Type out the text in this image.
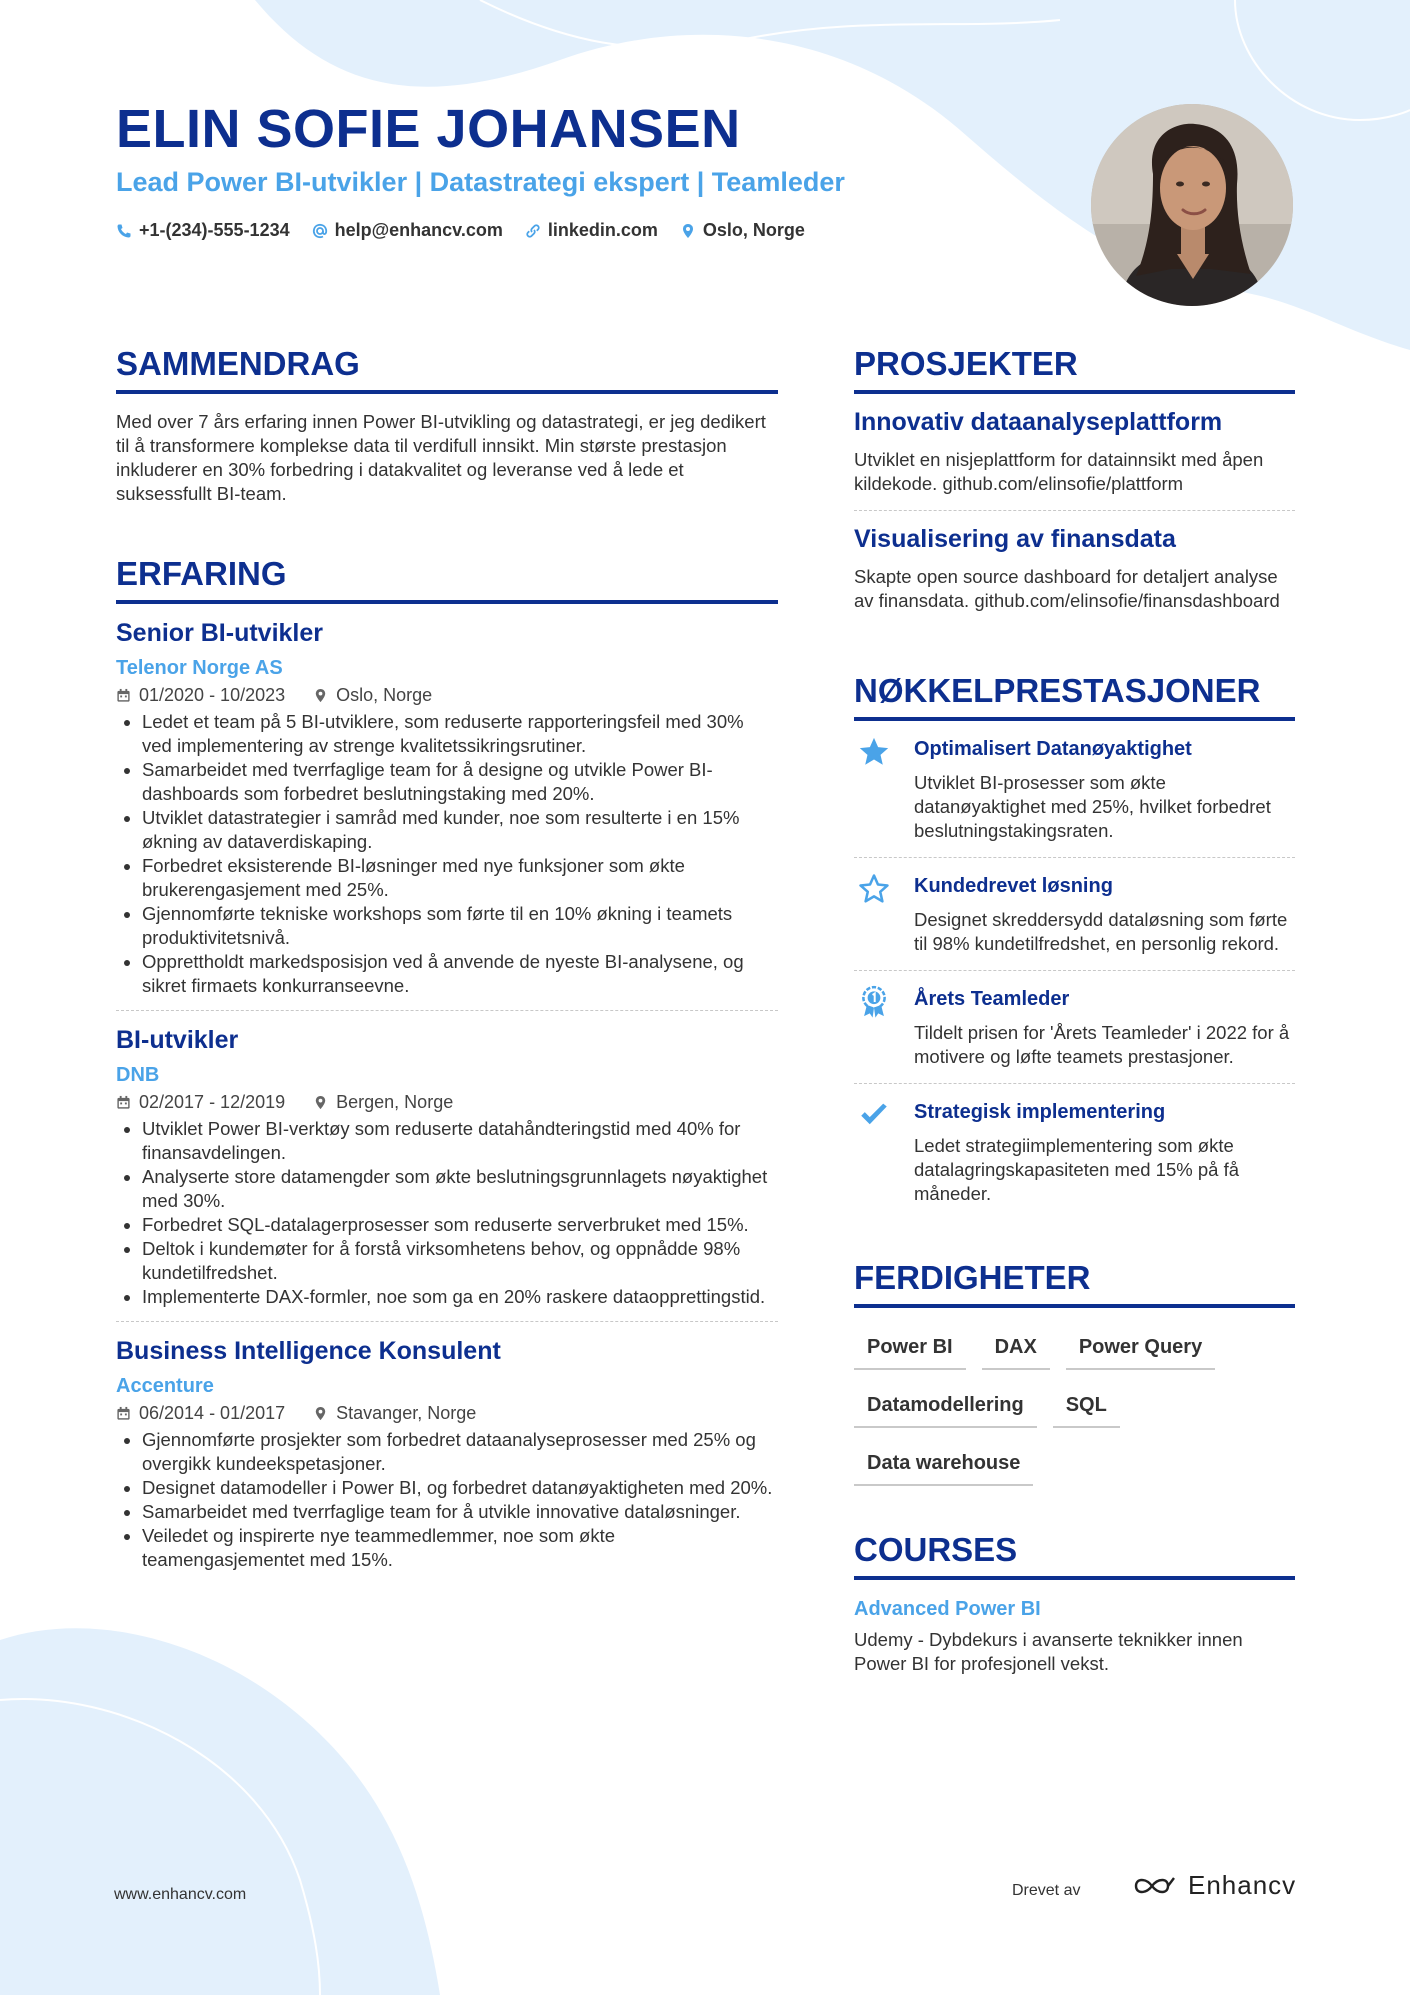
ELIN SOFIE JOHANSEN
Lead Power BI-utvikler | Datastrategi ekspert | Teamleder
+1-(234)-555-1234	help@enhancv.com	linkedin.com	Oslo, Norge
SAMMENDRAG

Med over 7 års erfaring innen Power BI-utvikling og datastrategi, er jeg dedikert til å transformere komplekse data til verdifull innsikt. Min største prestasjon inkluderer en 30% forbedring i datakvalitet og leveranse ved å lede et suksessfullt BI-team.

ERFARING
Senior BI-utvikler
Telenor Norge AS
01/2020 - 10/2023	Oslo, Norge
• Ledet et team på 5 BI-utviklere, som reduserte rapporteringsfeil med 30% ved implementering av strenge kvalitetssikringsrutiner.
• Samarbeidet med tverrfaglige team for å designe og utvikle Power BI-dashboards som forbedret beslutningstaking med 20%.
• Utviklet datastrategier i samråd med kunder, noe som resulterte i en 15% økning av dataverdiskaping.
• Forbedret eksisterende BI-løsninger med nye funksjoner som økte brukerengasjement med 25%.
• Gjennomførte tekniske workshops som førte til en 10% økning i teamets produktivitetsnivå.
• Opprettholdt markedsposisjon ved å anvende de nyeste BI-analysene, og sikret firmaets konkurranseevne.
BI-utvikler
DNB
02/2017 - 12/2019	Bergen, Norge
• Utviklet Power BI-verktøy som reduserte datahåndteringstid med 40% for finansavdelingen.
• Analyserte store datamengder som økte beslutningsgrunnlagets nøyaktighet med 30%.
• Forbedret SQL-datalagerprosesser som reduserte serverbruket med 15%.
• Deltok i kundemøter for å forstå virksomhetens behov, og oppnådde 98% kundetilfredshet.
• Implementerte DAX-formler, noe som ga en 20% raskere dataopprettingstid.
Business Intelligence Konsulent
Accenture
06/2014 - 01/2017	Stavanger, Norge
• Gjennomførte prosjekter som forbedret dataanalyseprosesser med 25% og overgikk kundeekspetasjoner.
• Designet datamodeller i Power BI, og forbedret datanøyaktigheten med 20%.
• Samarbeidet med tverrfaglige team for å utvikle innovative dataløsninger.
• Veiledet og inspirerte nye teammedlemmer, noe som økte teamengasjementet med 15%.
PROSJEKTER
Innovativ dataanalyseplattform

Utviklet en nisjeplattform for datainnsikt med åpen kildekode. github.com/elinsofie/plattform

Visualisering av finansdata

Skapte open source dashboard for detaljert analyse av finansdata. github.com/elinsofie/finansdashboard

NØKKELPRESTASJONER
Optimalisert Datanøyaktighet

Utviklet BI-prosesser som økte datanøyaktighet med 25%, hvilket forbedret beslutningstakingsraten.

Kundedrevet løsning

Designet skreddersydd dataløsning som førte til 98% kundetilfredshet, en personlig rekord.

Årets Teamleder

Tildelt prisen for 'Årets Teamleder' i 2022 for å motivere og løfte teamets prestasjoner.

Strategisk implementering

Ledet strategiimplementering som økte datalagringskapasiteten med 15% på få måneder.

FERDIGHETER
Power BI	DAX	Power Query
Datamodellering	SQL
Data warehouse
COURSES
Advanced Power BI

Udemy - Dybdekurs i avanserte teknikker innen Power BI for profesjonell vekst.

www.enhancv.com	Drevet av	Enhancv
